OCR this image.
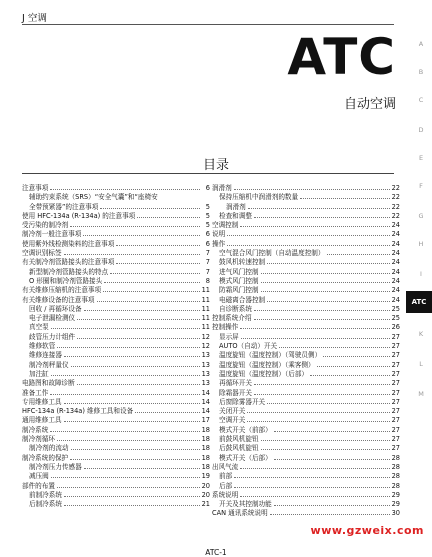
J 空调
ATC
自动空调
A
B
C
D
E
F
G
H
I
ATC
K
L
M
目录
注意事项	6
辅助约束系统（SRS）“安全气囊”和“座椅安
全带预紧器”的注意事项	5
使用 HFC-134a (R-134a) 的注意事项	5
受污染的制冷剂	5
制冷剂一般注意事项	6
使用紫外线检测染料的注意事项	6
空调识别标签	7
有关制冷剂管路接头的注意事项	7
新型制冷剂管路接头的特点	7
O 形圈和制冷剂管路接头	8
有关维修压缩机的注意事项	11
有关维修设备的注意事项	11
回收 / 再循环设备	11
电子泄漏检测仪	11
真空泵	11
歧管压力计组件	12
维修软管	12
维修连接器	13
制冷剂秤量仪	13
加注缸	13
电路图和故障诊断	13
准备工作	14
专用维修工具	14
HFC-134a (R-134a) 维修工具和设备	14
通用维修工具	17
制冷系统	18
制冷剂循环	18
制冷剂的流动	18
制冷系统的保护	18
制冷剂压力传感器	18
减压阀	19
部件的布置	20
前制冷系统	20
后制冷系统	21
润滑剂	22
保持压缩机中润滑剂的数量	22
润滑剂	22
检查和调整	22
空调控制	24
说明	24
操作	24
空气混合风门控制（自动温度控制）	24
鼓风机转速控制	24
进气风门控制	24
模式风门控制	24
防霜风门控制	24
电磁离合器控制	24
自诊断系统	25
控制系统介绍	25
控制操作	26
显示屏	27
AUTO（自动）开关	27
温度旋钮（温度控制）（驾驶员侧）	27
温度旋钮（温度控制）（乘客侧）	27
温度旋钮（温度控制）（后部）	27
再循环开关	27
除霜器开关	27
后窗除雾器开关	27
关闭开关	27
空调开关	27
模式开关（前部）	27
前鼓风机旋钮	27
后鼓风机旋钮	27
模式开关（后部）	28
出风气流	28
前部	28
后部	28
系统说明	29
开关及其控制功能	29
CAN 通讯系统说明	30
www.gzweix.com
ATC-1
